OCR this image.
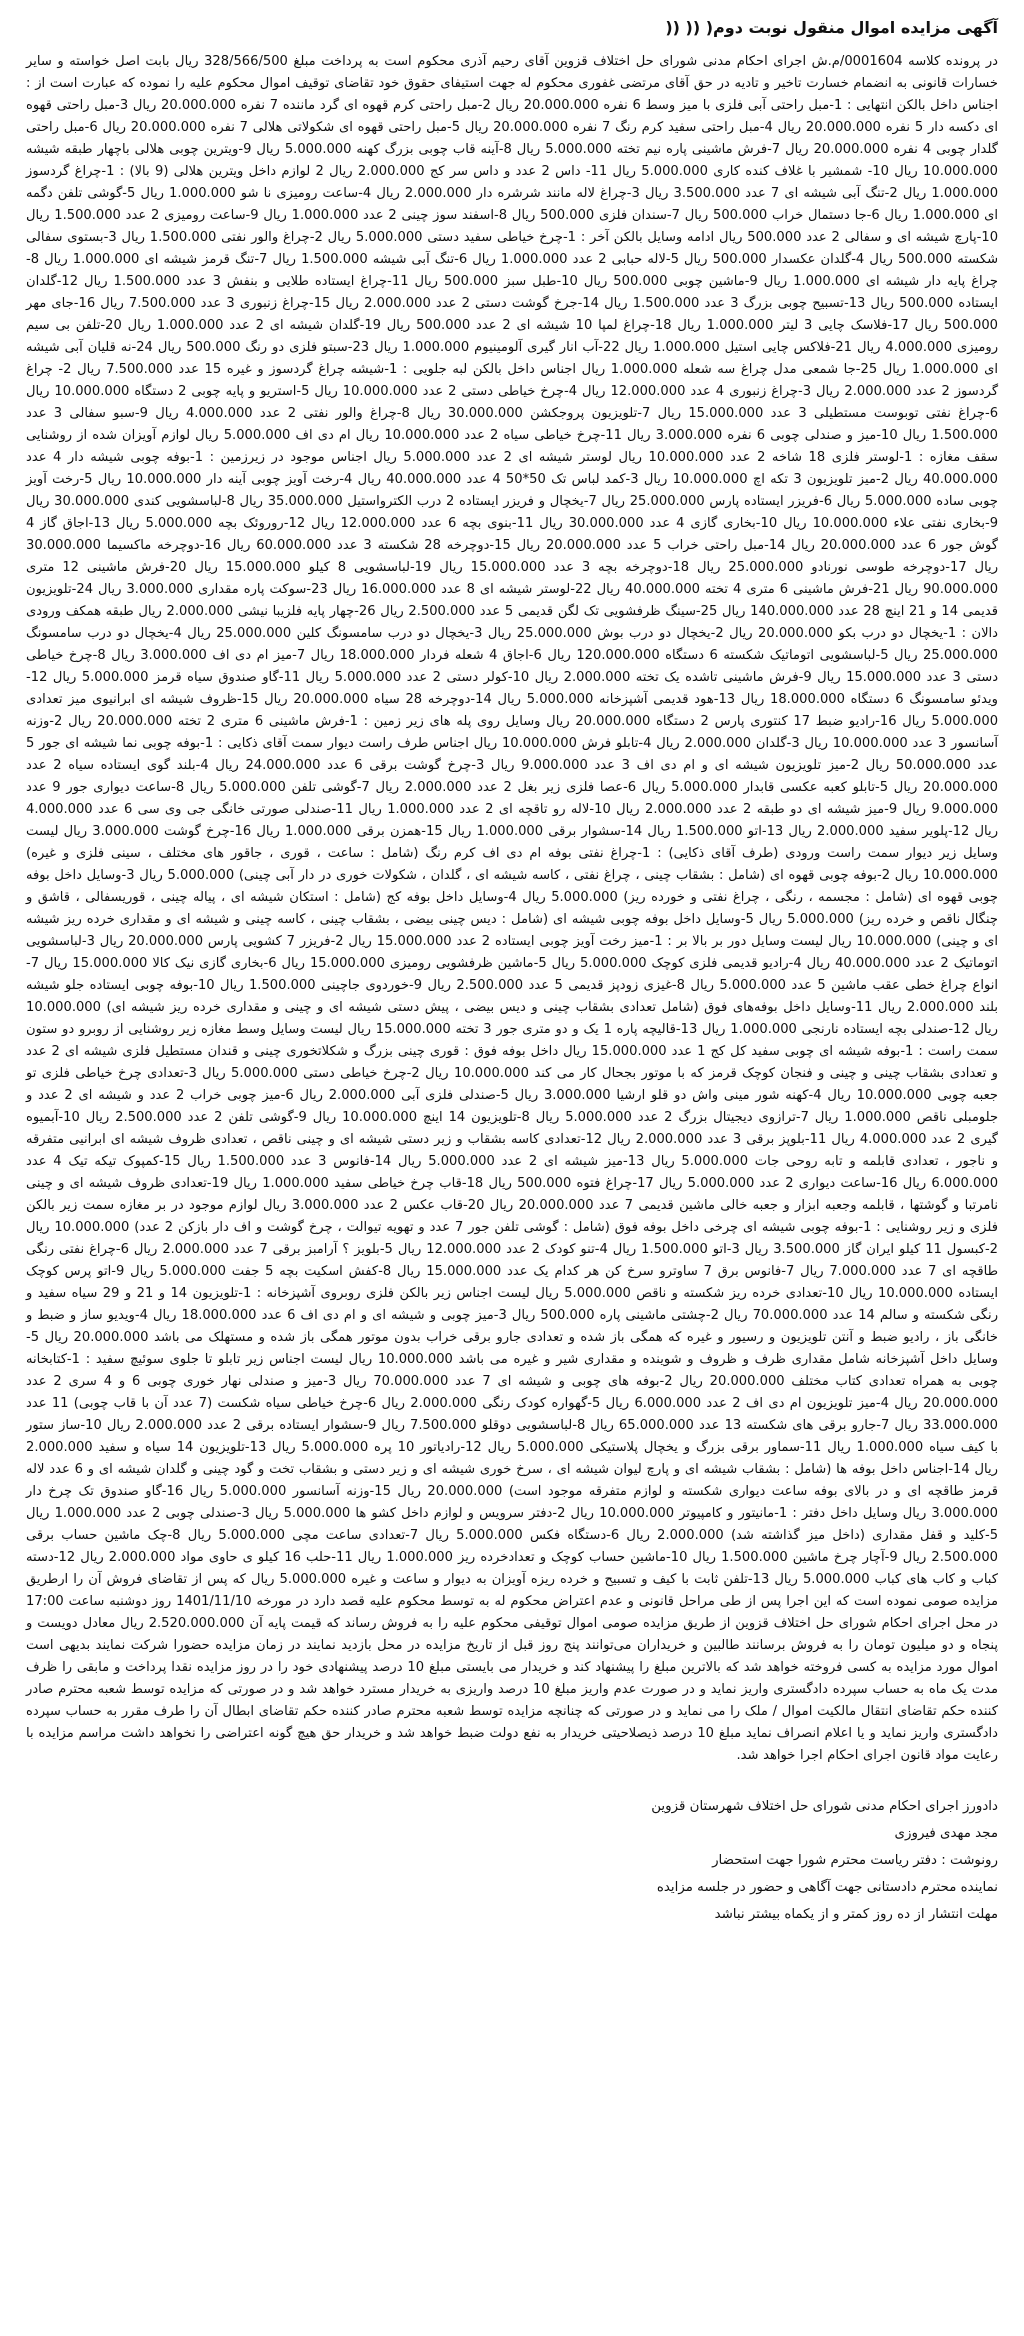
آگهی مزایده اموال منقول نوبت دوم( (( ((
در پرونده کلاسه 0001604/م.ش اجرای احکام مدنی شورای حل اختلاف قزوین آقای رحیم آذری محکوم است به پرداخت مبلغ 328/566/500 ریال بابت اصل خواسته و سایر خسارات قانونی به انضمام خسارت تاخیر و تادیه در حق آقای مرتضی غفوری محکوم له جهت استیفای حقوق خود تقاضای توقیف اموال محکوم علیه را نموده که عبارت است از : اجناس داخل بالکن انتهایی : 1-مبل راحتی آبی فلزی با میز وسط 6 نفره 20.000.000 ریال 2-مبل راحتی کرم قهوه ای گرد ماننده 7 نفره 20.000.000 ریال 3-مبل راحتی قهوه ای دکسه دار 5 نفره 20.000.000 ریال 4-مبل راحتی سفید کرم رنگ 7 نفره 20.000.000 ریال 5-مبل راحتی قهوه ای شکولاتی هلالی 7 نفره 20.000.000 ریال 6-مبل راحتی گلدار چوبی 4 نفره 20.000.000 ریال 7-فرش ماشینی پاره نیم تخته 5.000.000 ریال 8-آینه قاب چوبی بزرگ کهنه 5.000.000 ریال 9-ویترین چوبی هلالی باچهار طبقه شیشه 10.000.000 ریال 10- شمشیر با غلاف کنده کاری 5.000.000 ریال 11- داس 2 عدد و داس سر کج 2.000.000 ریال 2 لوازم داخل ویترین هلالی (9 بالا) : 1-چراغ گردسوز 1.000.000 ریال 2-تنگ آبی شیشه ای 7 عدد 3.500.000 ریال 3-چراغ لاله مانند شرشره دار 2.000.000 ریال 4-ساعت رومیزی نا شو 1.000.000 ریال 5-گوشی تلفن دگمه ای 1.000.000 ریال 6-جا دستمال خراب 500.000 ریال 7-سندان فلزی 500.000 ریال 8-اسفند سوز چینی 2 عدد 1.000.000 ریال 9-ساعت رومیزی 2 عدد 1.500.000 ریال 10-پارچ شیشه ای و سفالی 2 عدد 500.000 ریال ادامه وسایل بالکن آخر : 1-چرخ خیاطی سفید دستی 5.000.000 ریال 2-چراغ والور نفتی 1.500.000 ریال 3-بستوی سفالی شکسته 500.000 ریال 4-گلدان عکسدار 500.000 ریال 5-لاله حبابی 2 عدد 1.000.000 ریال 6-تنگ آبی شیشه 1.500.000 ریال 7-تنگ قرمز شیشه ای 1.000.000 ریال 8-چراغ پایه دار شیشه ای 1.000.000 ریال 9-ماشین چوبی 500.000 ریال 10-طبل سبز 500.000 ریال 11-چراغ ایستاده طلایی و بنفش 3 عدد 1.500.000 ریال 12-گلدان ایستاده 500.000 ریال 13-تسبیح چوبی بزرگ 3 عدد 1.500.000 ریال 14-جرخ گوشت دستی 2 عدد 2.000.000 ریال 15-چراغ زنبوری 3 عدد 7.500.000 ریال 16-جای مهر 500.000 ریال 17-فلاسک چایی 3 لیتر 1.000.000 ریال 18-چراغ لمپا 10 شیشه ای 2 عدد 500.000 ریال 19-گلدان شیشه ای 2 عدد 1.000.000 ریال 20-تلفن بی سیم رومیزی 4.000.000 ریال 21-فلاکس چایی استیل 1.000.000 ریال 22-آب انار گیری آلومینیوم 1.000.000 ریال 23-سبتو فلزی دو رنگ 500.000 ریال 24-نه قلیان آبی شیشه ای 1.000.000 ریال 25-جا شمعی مدل چراغ سه شعله 1.000.000 ریال اجناس داخل بالکن لبه جلویی : 1-شیشه چراغ گردسوز و غیره 15 عدد 7.500.000 ریال 2- چراغ گردسوز 2 عدد 2.000.000 ریال 3-چراغ زنبوری 4 عدد 12.000.000 ریال 4-چرخ خیاطی دستی 2 عدد 10.000.000 ریال 5-استریو و پایه چوبی 2 دستگاه 10.000.000 ریال 6-چراغ نفتی توبوست مستطیلی 3 عدد 15.000.000 ریال 7-تلویزیون پروجکشن 30.000.000 ریال 8-چراغ والور نفتی 2 عدد 4.000.000 ریال 9-سبو سفالی 3 عدد 1.500.000 ریال 10-میز و صندلی چوبی 6 نفره 3.000.000 ریال 11-چرخ خیاطی سیاه 2 عدد 10.000.000 ریال ام دی اف 5.000.000 ریال لوازم آویزان شده از روشنایی سقف مغازه : 1-لوستر فلزی 18 شاخه 2 عدد 10.000.000 ریال لوستر شیشه ای 2 عدد 5.000.000 ریال اجناس موجود در زیرزمین : 1-بوفه چوبی شیشه دار 4 عدد 40.000.000 ریال 2-میز تلویزیون 3 تکه اچ 10.000.000 ریال 3-کمد لباس تک 50*50 4 عدد 40.000.000 ریال 4-رخت آویز چوبی آینه دار 10.000.000 ریال 5-رخت آویز چوبی ساده 5.000.000 ریال 6-فریزر ایستاده پارس 25.000.000 ریال 7-یخچال و فریزر ایستاده 2 درب الکترواستیل 35.000.000 ریال 8-لباسشویی کندی 30.000.000 ریال 9-بخاری نفتی علاء 10.000.000 ریال 10-بخاری گازی 4 عدد 30.000.000 ریال 11-بنوی بچه 6 عدد 12.000.000 ریال 12-روروئک بچه 5.000.000 ریال 13-اجاق گاز 4 گوش جور 6 عدد 20.000.000 ریال 14-مبل راحتی خراب 5 عدد 20.000.000 ریال 15-دوچرخه 28 شکسته 3 عدد 60.000.000 ریال 16-دوچرخه ماکسیما 30.000.000 ریال 17-دوچرخه طوسی نورنادو 25.000.000 ریال 18-دوچرخه بچه 3 عدد 15.000.000 ریال 19-لباسشویی 8 کیلو 15.000.000 ریال 20-فرش ماشینی 12 متری 90.000.000 ریال 21-فرش ماشینی 6 متری 4 تخته 40.000.000 ریال 22-لوستر شیشه ای 8 عدد 16.000.000 ریال 23-سوکت پاره مقداری 3.000.000 ریال 24-تلویزیون قدیمی 14 و 21 اینچ 28 عدد 140.000.000 ریال 25-سینگ ظرفشویی تک لگن قدیمی 5 عدد 2.500.000 ریال 26-چهار پایه فلزیبا نیشی 2.000.000 ریال طبقه همکف ورودی دالان : 1-یخچال دو درب بکو 20.000.000 ریال 2-یخچال دو درب بوش 25.000.000 ریال 3-یخچال دو درب سامسونگ کلین 25.000.000 ریال 4-یخچال دو درب سامسونگ 25.000.000 ریال 5-لباسشویی اتوماتیک شکسته 6 دستگاه 120.000.000 ریال 6-اجاق 4 شعله فردار 18.000.000 ریال 7-میز ام دی اف 3.000.000 ریال 8-چرخ خیاطی دستی 3 عدد 15.000.000 ریال 9-فرش ماشینی تاشده یک تخته 2.000.000 ریال 10-کولر دستی 2 عدد 5.000.000 ریال 11-گاو صندوق سیاه قرمز 5.000.000 ریال 12-ویدئو سامسونگ 6 دستگاه 18.000.000 ریال 13-هود قدیمی آشپزخانه 5.000.000 ریال 14-دوچرخه 28 سیاه 20.000.000 ریال 15-ظروف شیشه ای ابرانیوی میز تعدادی 5.000.000 ریال 16-رادیو ضبط 17 کنتوری پارس 2 دستگاه 20.000.000 ریال وسایل روی پله های زیر زمین : 1-فرش ماشینی 6 متری 2 تخته 20.000.000 ریال 2-وزنه آسانسور 3 عدد 10.000.000 ریال 3-گلدان 2.000.000 ریال 4-تابلو فرش 10.000.000 ریال اجناس طرف راست دیوار سمت آقای ذکایی : 1-بوفه چوبی نما شیشه ای جور 5 عدد 50.000.000 ریال 2-میز تلویزیون شیشه ای و ام دی اف 3 عدد 9.000.000 ریال 3-چرخ گوشت برقی 6 عدد 24.000.000 ریال 4-بلند گوی ایستاده سیاه 2 عدد 20.000.000 ریال 5-تابلو کعبه عکسی قابدار 5.000.000 ریال 6-عصا فلزی زیر بغل 2 عدد 2.000.000 ریال 7-گوشی تلفن 5.000.000 ریال 8-ساعت دیواری جور 9 عدد 9.000.000 ریال 9-میز شیشه ای دو طبقه 2 عدد 2.000.000 ریال 10-لاله رو تاقچه ای 2 عدد 1.000.000 ریال 11-صندلی صورتی خانگی جی وی سی 6 عدد 4.000.000 ریال 12-پلویر سفید 2.000.000 ریال 13-اتو 1.500.000 ریال 14-سشوار برقی 1.000.000 ریال 15-همزن برقی 1.000.000 ریال 16-چرخ گوشت 3.000.000 ریال لیست وسایل زیر دیوار سمت راست ورودی (طرف آقای ذکایی) : 1-چراغ نفتی بوفه ام دی اف کرم رنگ (شامل : ساعت ، قوری ، جاقور های مختلف ، سینی فلزی و غیره) 10.000.000 ریال 2-بوفه چوبی قهوه ای (شامل : بشقاب چینی ، چراغ نفتی ، کاسه شیشه ای ، گلدان ، شکولات خوری در دار آبی چینی) 5.000.000 ریال 3-وسایل داخل بوفه چوبی قهوه ای (شامل : مجسمه ، رنگی ، چراغ نفتی و خورده ریز) 5.000.000 ریال 4-وسایل داخل بوفه کج (شامل : استکان شیشه ای ، پیاله چینی ، قوریسفالی ، قاشق و چنگال ناقص و خرده ریز) 5.000.000 ریال 5-وسایل داخل بوفه چوبی شیشه ای (شامل : دیس چینی بیضی ، بشقاب چینی ، کاسه چینی و شیشه ای و مقداری خرده ریز شیشه ای و چینی) 10.000.000 ریال لیست وسایل دور بر بالا بر : 1-میز رخت آویز چوبی ایستاده 2 عدد 15.000.000 ریال 2-فریزر 7 کشویی پارس 20.000.000 ریال 3-لباسشویی اتوماتیک 2 عدد 40.000.000 ریال 4-رادیو قدیمی فلزی کوچک 5.000.000 ریال 5-ماشین ظرفشویی رومیزی 15.000.000 ریال 6-بخاری گازی نیک کالا 15.000.000 ریال 7-انواع چراغ خطی عقب ماشین 5 عدد 5.000.000 ریال 8-غیزی زودپز قدیمی 5 عدد 2.500.000 ریال 9-خوردوی جاچینی 1.500.000 ریال 10-بوفه چوبی ایستاده جلو شیشه بلند 2.000.000 ریال 11-وسایل داخل بوفه‌های فوق (شامل تعدادی بشقاب چینی و دیس بیضی ، پیش دستی شیشه ای و چینی و مقداری خرده ریز شیشه ای) 10.000.000 ریال 12-صندلی بچه ایستاده نارنجی 1.000.000 ریال 13-قالیچه پاره 1 یک و دو متری جور 3 تخته 15.000.000 ریال لیست وسایل وسط مغازه زیر روشنایی از روبرو دو ستون سمت راست : 1-بوفه شیشه ای چوبی سفید کل کج 1 عدد 15.000.000 ریال داخل بوفه فوق : قوری چینی بزرگ و شکلاتخوری چینی و قندان مستطیل فلزی شیشه ای 2 عدد و تعدادی بشقاب چینی و چینی و فنجان کوچک قرمز که با موتور بجحال کار می کند 10.000.000 ریال 2-چرخ خیاطی دستی 5.000.000 ریال 3-تعدادی چرخ خیاطی فلزی تو جعبه چوبی 10.000.000 ریال 4-کهنه شور مینی واش دو قلو ارشیا 3.000.000 ریال 5-صندلی فلزی آبی 2.000.000 ریال 6-میز چوبی خراب 2 عدد و شیشه ای 2 عدد و جلومبلی ناقص 1.000.000 ریال 7-ترازوی دیجیتال بزرگ 2 عدد 5.000.000 ریال 8-تلویزیون 14 اینچ 10.000.000 ریال 9-گوشی تلفن 2 عدد 2.500.000 ریال 10-آبمیوه گیری 2 عدد 4.000.000 ریال 11-بلوپز برقی 3 عدد 2.000.000 ریال 12-تعدادی کاسه بشقاب و زیر دستی شیشه ای و چینی ناقص ، تعدادی ظروف شیشه ای ابرانیی متفرقه و ناجور ، تعدادی قابلمه و تابه روحی جات 5.000.000 ریال 13-میز شیشه ای 2 عدد 5.000.000 ریال 14-فانوس 3 عدد 1.500.000 ریال 15-کمپوک تیکه تیک 4 عدد 6.000.000 ریال 16-ساعت دیواری 2 عدد 5.000.000 ریال 17-چراغ فتوه 500.000 ریال 18-قاب چرخ خیاطی سفید 1.000.000 ریال 19-تعدادی ظروف شیشه ای و چینی نامرتبا و گوشتها ، قابلمه وجعبه ابزار و جعبه خالی ماشین قدیمی 7 عدد 20.000.000 ریال 20-قاب عکس 2 عدد 3.000.000 ریال لوازم موجود در بر مغازه سمت زیر بالکن فلزی و زیر روشنایی : 1-بوفه چوبی شیشه ای چرخی داخل بوفه فوق (شامل : گوشی تلفن جور 7 عدد و تهویه تیوالت ، چرخ گوشت و اف دار بازکن 2 عدد) 10.000.000 ریال 2-کبسول 11 کیلو ایران گاز 3.500.000 ریال 3-اتو 1.500.000 ریال 4-تنو کودک 2 عدد 12.000.000 ریال 5-بلویز ؟ آرامبز برقی 7 عدد 2.000.000 ریال 6-چراغ نفتی رنگی طاقچه ای 7 عدد 7.000.000 ریال 7-فانوس برق 7 ساوترو سرخ کن هر کدام یک عدد 15.000.000 ریال 8-کفش اسکیت بچه 5 جفت 5.000.000 ریال 9-اتو پرس کوچک ایستاده 10.000.000 ریال 10-تعدادی خرده ریز شکسته و ناقص 5.000.000 ریال لیست اجناس زیر بالکن فلزی روبروی آشپزخانه : 1-تلویزیون 14 و 21 و 29 سیاه سفید و رنگی شکسته و سالم 14 عدد 70.000.000 ریال 2-چشتی ماشینی پاره 500.000 ریال 3-میز چوبی و شیشه ای و ام دی اف 6 عدد 18.000.000 ریال 4-ویدیو ساز و ضبط و خانگی باز ، رادیو ضبط و آنتن تلویزیون و رسیور و غیره که همگی باز شده و تعدادی جارو برقی خراب بدون موتور همگی باز شده و مستهلک می باشد 20.000.000 ریال 5-وسایل داخل آشپزخانه شامل مقداری ظرف و ظروف و شوینده و مقداری شیر و غیره می باشد 10.000.000 ریال لیست اجناس زیر تابلو تا جلوی سوئیچ سفید : 1-کتابخانه چوبی به همراه تعدادی کتاب مختلف 20.000.000 ریال 2-بوفه های چوبی و شیشه ای 7 عدد 70.000.000 ریال 3-میز و صندلی نهار خوری چوبی 6 و 4 سری 2 عدد 20.000.000 ریال 4-میز تلویزیون ام دی اف 2 عدد 6.000.000 ریال 5-گهواره کودک رنگی 2.000.000 ریال 6-چرخ خیاطی سیاه شکست (7 عدد آن با قاب چوبی) 11 عدد 33.000.000 ریال 7-جارو برقی های شکسته 13 عدد 65.000.000 ریال 8-لباسشویی دوقلو 7.500.000 ریال 9-سشوار ایستاده برقی 2 عدد 2.000.000 ریال 10-ساز ستور با کیف سیاه 1.000.000 ریال 11-سماور برقی بزرگ و یخچال پلاستیکی 5.000.000 ریال 12-رادیاتور 10 پره 5.000.000 ریال 13-تلویزیون 14 سیاه و سفید 2.000.000 ریال 14-اجناس داخل بوفه ها (شامل : بشقاب شیشه ای و پارچ لیوان شیشه ای ، سرخ خوری شیشه ای و زیر دستی و بشقاب تخت و گود چینی و گلدان شیشه ای و 6 عدد لاله قرمز طاقچه ای و در بالای بوفه ساعت دیواری شکسته و لوازم متفرقه موجود است) 20.000.000 ریال 15-وزنه آسانسور 5.000.000 ریال 16-گاو صندوق تک چرخ دار 3.000.000 ریال وسایل داخل دفتر : 1-مانیتور و کامپیوتر 10.000.000 ریال 2-دفتر سرویس و لوازم داخل کشو ها 5.000.000 ریال 3-صندلی چوبی 2 عدد 1.000.000 ریال 5-کلید و قفل مقداری (داخل میز گذاشته شد) 2.000.000 ریال 6-دستگاه فکس 5.000.000 ریال 7-تعدادی ساعت مچی 5.000.000 ریال 8-چک ماشین حساب برقی 2.500.000 ریال 9-آچار چرخ ماشین 1.500.000 ریال 10-ماشین حساب کوچک و تعدادخرده ریز 1.000.000 ریال 11-حلب 16 کیلو ی حاوی مواد 2.000.000 ریال 12-دسته کباب و کاب های کباب 5.000.000 ریال 13-تلفن ثابت با کیف و تسبیح و خرده ریزه آویزان به دیوار و ساعت و غیره 5.000.000 ریال که پس از تقاضای فروش آن را ارطریق مزایده صومی نموده است که این اجرا پس از طی مراحل قانونی و عدم اعتراض محکوم له به توسط محکوم علیه قصد دارد در مورخه 1401/11/10 روز دوشنبه ساعت 17:00 در محل اجرای احکام شورای حل اختلاف قزوین از طریق مزایده صومی اموال توقیفی محکوم علیه را به فروش رساند که قیمت پایه آن 2.520.000.000 ریال معادل دویست و پنجاه و دو میلیون تومان را به فروش برسانند طالبین و خریداران می‌توانند پنج روز قبل از تاریخ مزایده در محل بازدید نمایند در زمان مزایده حضورا شرکت نمایند بدیهی است اموال مورد مزایده به کسی فروخته خواهد شد که بالاترین مبلغ را پیشنهاد کند و خریدار می بایستی مبلغ 10 درصد پیشنهادی خود را در روز مزایده نقدا پرداخت و مابقی را ظرف مدت یک ماه به حساب سپرده دادگستری واریز نماید و در صورت عدم واریز مبلغ 10 درصد واریزی به خریدار مسترد خواهد شد و در صورتی که مزایده توسط شعبه محترم صادر کننده حکم تقاضای انتقال مالکیت اموال / ملک را می نماید و در صورتی که چنانچه مزایده توسط شعبه محترم صادر کننده حکم تقاضای ابطال آن را طرف مقرر به حساب سپرده دادگستری واریز نماید و یا اعلام انصراف نماید مبلغ 10 درصد ذیصلاحیتی خریدار به نفع دولت ضبط خواهد شد و خریدار حق هیچ گونه اعتراضی را نخواهد داشت مراسم مزایده با رعایت مواد قانون اجرای احکام اجرا خواهد شد.
دادورز اجرای احکام مدنی شورای حل اختلاف شهرستان قزوین
مجد مهدی فیروزی
رونوشت : دفتر ریاست محترم شورا جهت استحضار
نماینده محترم دادستانی جهت آگاهی و حضور در جلسه مزایده
مهلت انتشار از ده روز کمتر و از یکماه بیشتر نباشد
